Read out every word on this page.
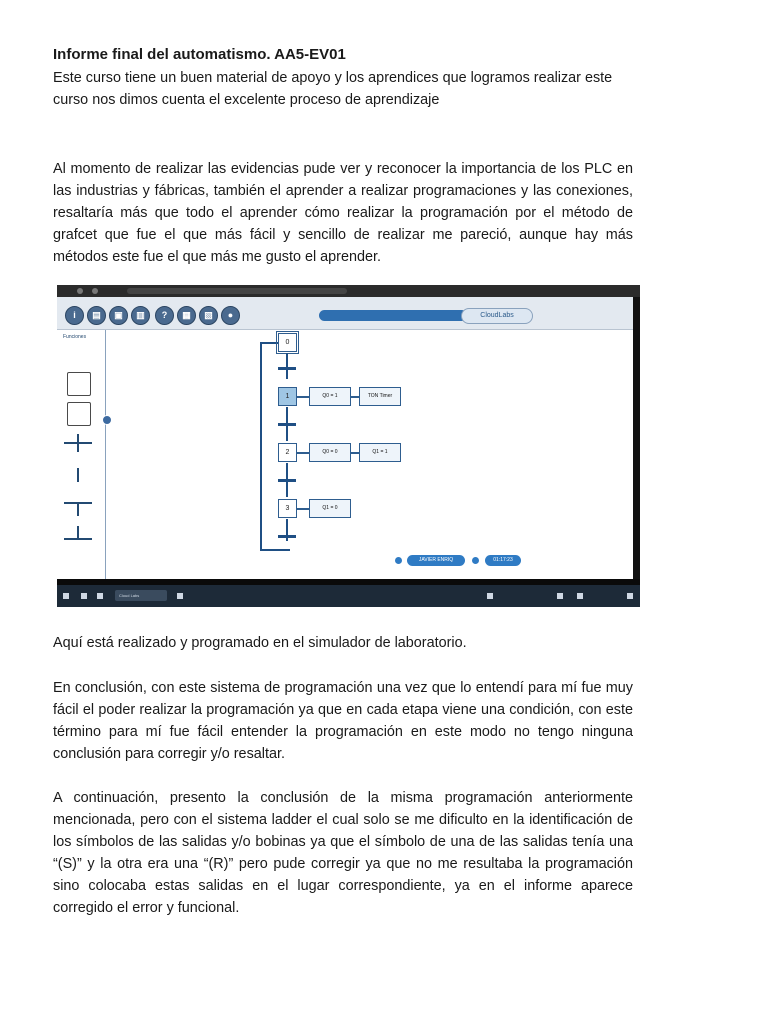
Informe final del automatismo. AA5-EV01
Este curso tiene un buen material de apoyo y los aprendices que logramos realizar este curso nos dimos cuenta el excelente proceso de aprendizaje
Al momento de realizar las evidencias pude ver y reconocer la importancia de los PLC en las industrias y fábricas, también el aprender a realizar programaciones y las conexiones, resaltaría más que todo el aprender cómo realizar la programación por el método de grafcet que fue el que más fácil y sencillo de realizar me pareció, aunque hay más métodos este fue el que más me gusto el aprender.
i	▤	▣	▥	?	▦	▧	●	CloudLabs
Funciones
0
1	Q0 = 1	TON Timer
2	Q0 = 0	Q1 = 1
3	Q1 = 0
JAVIER ENRIQ	01:17:23
Cloud Labs
Aquí está realizado y programado en el simulador de laboratorio.
En conclusión, con este sistema de programación una vez que lo entendí para mí fue muy fácil el poder realizar la programación ya que en cada etapa viene una condición, con este término para mí fue fácil entender la programación en este modo no tengo ninguna conclusión para corregir y/o resaltar.
A continuación, presento la conclusión de la misma programación anteriormente mencionada, pero con el sistema ladder el cual solo se me dificulto en la identificación de los símbolos de las salidas y/o bobinas ya que el símbolo de una de las salidas tenía una “(S)” y la otra era una “(R)” pero pude corregir ya que no me resultaba la programación sino colocaba estas salidas en el lugar correspondiente, ya en el informe aparece corregido el error y funcional.
